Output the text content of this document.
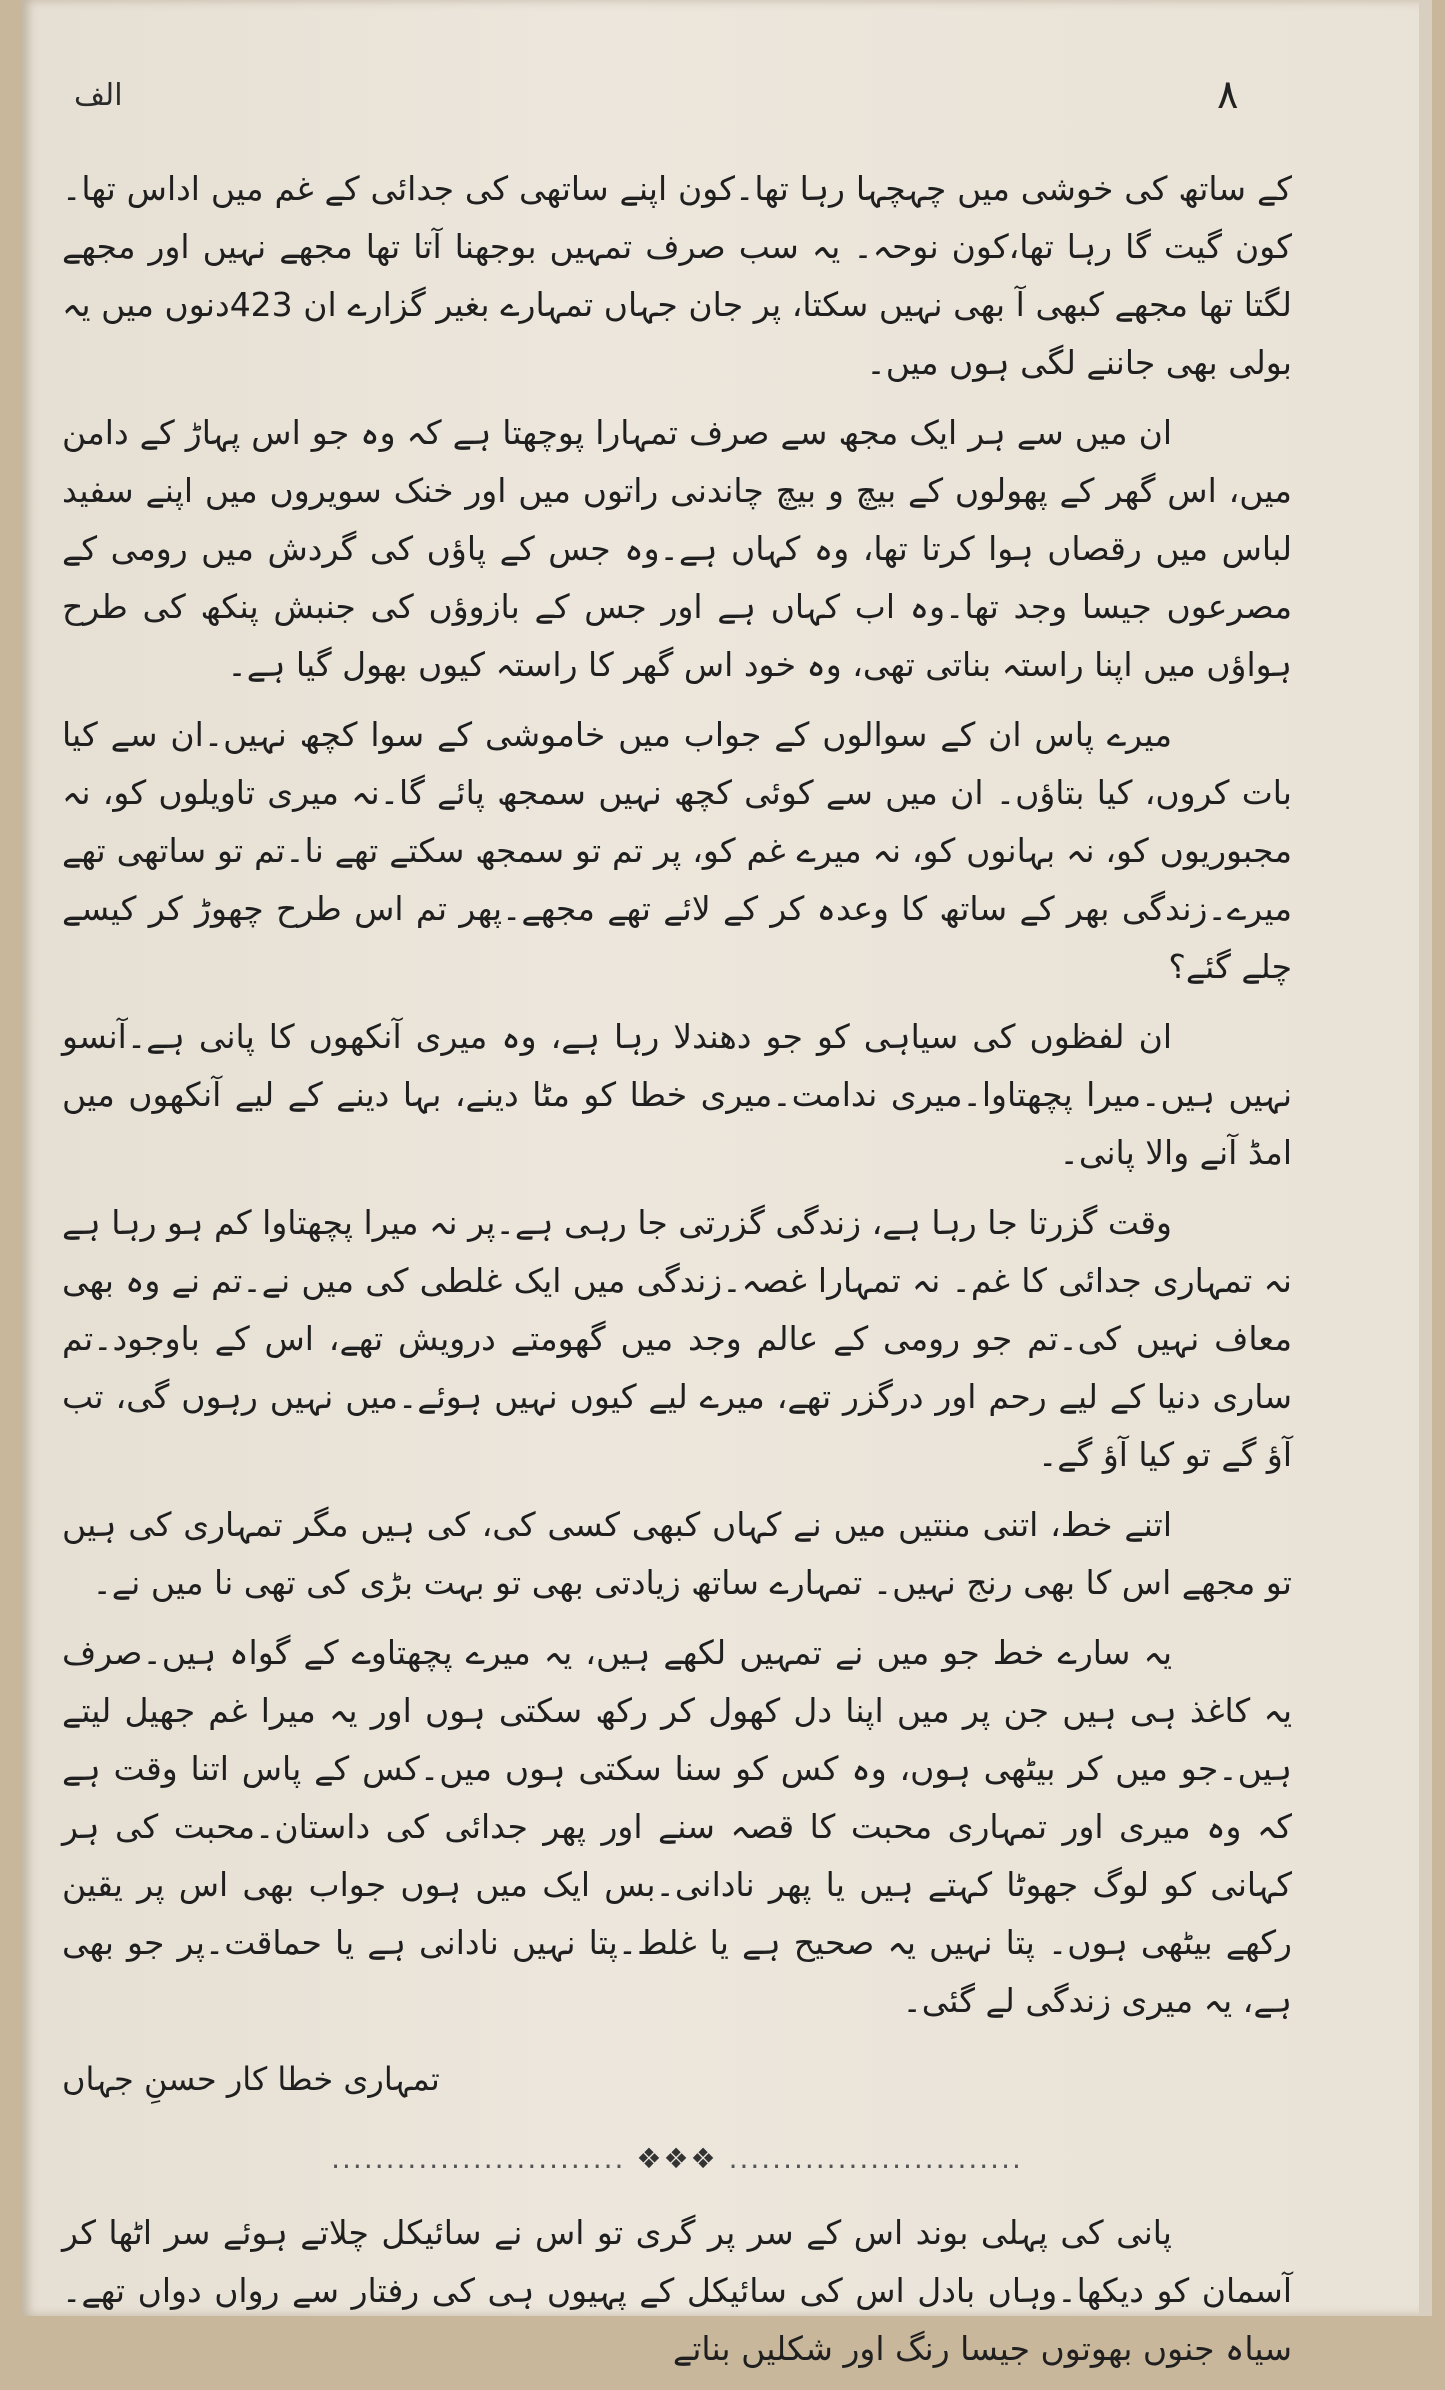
الف	۸

کے ساتھ کی خوشی میں چہچہا رہا تھا۔کون اپنے ساتھی کی جدائی کے غم میں اداس تھا۔کون گیت گا رہا تھا،کون نوحہ۔ یہ سب صرف تمہیں بوجھنا آتا تھا مجھے نہیں اور مجھے لگتا تھا مجھے کبھی آ بھی نہیں سکتا، پر جان جہاں تمہارے بغیر گزارے ان 423دنوں میں یہ بولی بھی جاننے لگی ہوں میں۔

ان میں سے ہر ایک مجھ سے صرف تمہارا پوچھتا ہے کہ وہ جو اس پہاڑ کے دامن میں، اس گھر کے پھولوں کے بیچ و بیچ چاندنی راتوں میں اور خنک سویروں میں اپنے سفید لباس میں رقصاں ہوا کرتا تھا، وہ کہاں ہے۔وہ جس کے پاؤں کی گردش میں رومی کے مصرعوں جیسا وجد تھا۔وہ اب کہاں ہے اور جس کے بازوؤں کی جنبش پنکھ کی طرح ہواؤں میں اپنا راستہ بناتی تھی، وہ خود اس گھر کا راستہ کیوں بھول گیا ہے۔

میرے پاس ان کے سوالوں کے جواب میں خاموشی کے سوا کچھ نہیں۔ان سے کیا بات کروں، کیا بتاؤں۔ ان میں سے کوئی کچھ نہیں سمجھ پائے گا۔نہ میری تاویلوں کو، نہ مجبوریوں کو، نہ بہانوں کو، نہ میرے غم کو، پر تم تو سمجھ سکتے تھے نا۔تم تو ساتھی تھے میرے۔زندگی بھر کے ساتھ کا وعدہ کر کے لائے تھے مجھے۔پھر تم اس طرح چھوڑ کر کیسے چلے گئے؟

ان لفظوں کی سیاہی کو جو دھندلا رہا ہے، وہ میری آنکھوں کا پانی ہے۔آنسو نہیں ہیں۔میرا پچھتاوا۔میری ندامت۔میری خطا کو مٹا دینے، بہا دینے کے لیے آنکھوں میں امڈ آنے والا پانی۔

وقت گزرتا جا رہا ہے، زندگی گزرتی جا رہی ہے۔پر نہ میرا پچھتاوا کم ہو رہا ہے نہ تمہاری جدائی کا غم۔ نہ تمہارا غصہ۔زندگی میں ایک غلطی کی میں نے۔تم نے وہ بھی معاف نہیں کی۔تم جو رومی کے عالم وجد میں گھومتے درویش تھے، اس کے باوجود۔تم ساری دنیا کے لیے رحم اور درگزر تھے، میرے لیے کیوں نہیں ہوئے۔میں نہیں رہوں گی، تب آؤ گے تو کیا آؤ گے۔

اتنے خط، اتنی منتیں میں نے کہاں کبھی کسی کی، کی ہیں مگر تمہاری کی ہیں تو مجھے اس کا بھی رنج نہیں۔ تمہارے ساتھ زیادتی بھی تو بہت بڑی کی تھی نا میں نے۔

یہ سارے خط جو میں نے تمہیں لکھے ہیں، یہ میرے پچھتاوے کے گواہ ہیں۔صرف یہ کاغذ ہی ہیں جن پر میں اپنا دل کھول کر رکھ سکتی ہوں اور یہ میرا غم جھیل لیتے ہیں۔جو میں کر بیٹھی ہوں، وہ کس کو سنا سکتی ہوں میں۔کس کے پاس اتنا وقت ہے کہ وہ میری اور تمہاری محبت کا قصہ سنے اور پھر جدائی کی داستان۔محبت کی ہر کہانی کو لوگ جھوٹا کہتے ہیں یا پھر نادانی۔بس ایک میں ہوں جواب بھی اس پر یقین رکھے بیٹھی ہوں۔ پتا نہیں یہ صحیح ہے یا غلط۔پتا نہیں نادانی ہے یا حماقت۔پر جو بھی ہے، یہ میری زندگی لے گئی۔

تمہاری خطا کار حسنِ جہاں

........................... ❖❖❖ ...........................

پانی کی پہلی بوند اس کے سر پر گری تو اس نے سائیکل چلاتے ہوئے سر اٹھا کر آسمان کو دیکھا۔وہاں بادل اس کی سائیکل کے پہیوں ہی کی رفتار سے رواں دواں تھے۔سیاہ جنوں بھوتوں جیسا رنگ اور شکلیں بناتے
